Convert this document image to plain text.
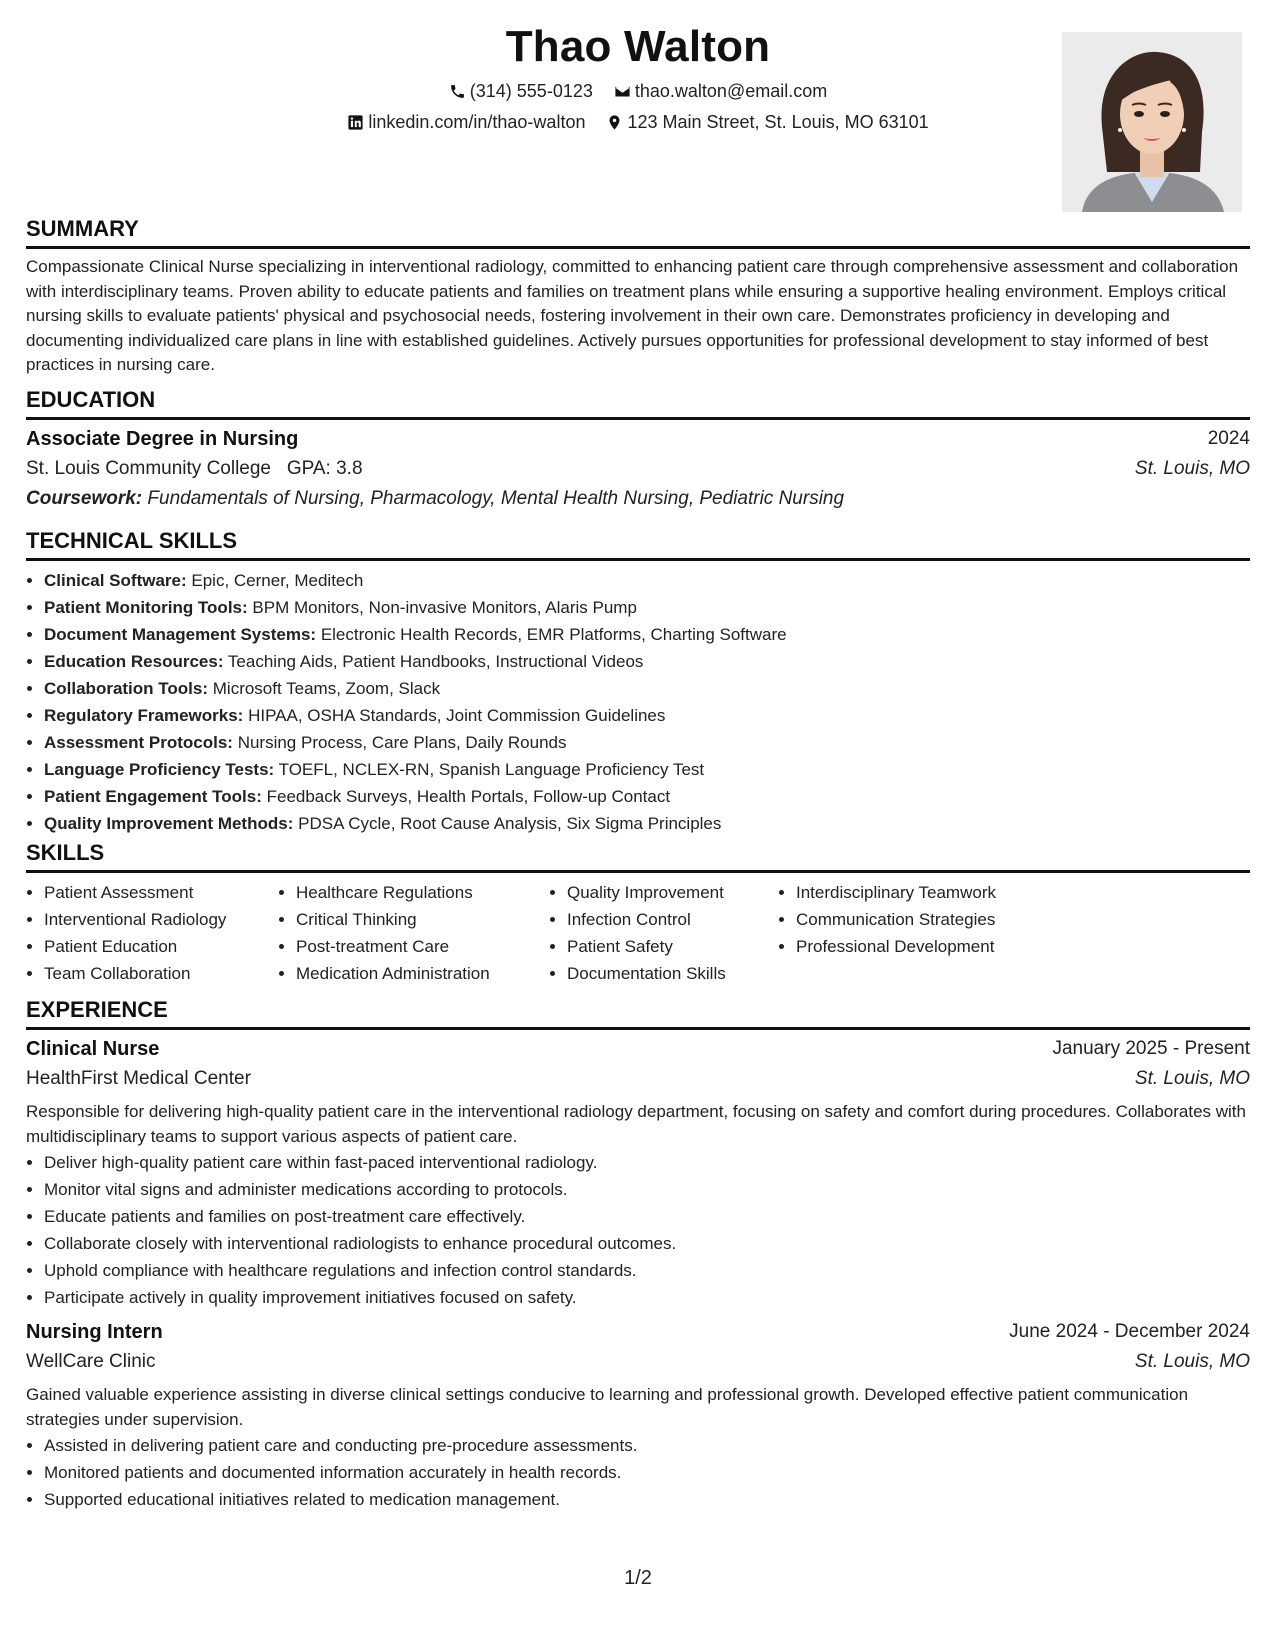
Thao Walton
(314) 555-0123 thao.walton@email.com
linkedin.com/in/thao-walton 123 Main Street, St. Louis, MO 63101
SUMMARY
Compassionate Clinical Nurse specializing in interventional radiology, committed to enhancing patient care through comprehensive assessment and collaboration with interdisciplinary teams. Proven ability to educate patients and families on treatment plans while ensuring a supportive healing environment. Employs critical nursing skills to evaluate patients' physical and psychosocial needs, fostering involvement in their own care. Demonstrates proficiency in developing and documenting individualized care plans in line with established guidelines. Actively pursues opportunities for professional development to stay informed of best practices in nursing care.
EDUCATION
Associate Degree in Nursing	2024
St. Louis Community College GPA: 3.8	St. Louis, MO
Coursework: Fundamentals of Nursing, Pharmacology, Mental Health Nursing, Pediatric Nursing
TECHNICAL SKILLS
• Clinical Software: Epic, Cerner, Meditech
• Patient Monitoring Tools: BPM Monitors, Non-invasive Monitors, Alaris Pump
• Document Management Systems: Electronic Health Records, EMR Platforms, Charting Software
• Education Resources: Teaching Aids, Patient Handbooks, Instructional Videos
• Collaboration Tools: Microsoft Teams, Zoom, Slack
• Regulatory Frameworks: HIPAA, OSHA Standards, Joint Commission Guidelines
• Assessment Protocols: Nursing Process, Care Plans, Daily Rounds
• Language Proficiency Tests: TOEFL, NCLEX-RN, Spanish Language Proficiency Test
• Patient Engagement Tools: Feedback Surveys, Health Portals, Follow-up Contact
• Quality Improvement Methods: PDSA Cycle, Root Cause Analysis, Six Sigma Principles
SKILLS
• Patient Assessment
• Interventional Radiology
• Patient Education
• Team Collaboration
• Healthcare Regulations
• Critical Thinking
• Post-treatment Care
• Medication Administration
• Quality Improvement
• Infection Control
• Patient Safety
• Documentation Skills
• Interdisciplinary Teamwork
• Communication Strategies
• Professional Development
EXPERIENCE
Clinical Nurse	January 2025 - Present
HealthFirst Medical Center	St. Louis, MO
Responsible for delivering high-quality patient care in the interventional radiology department, focusing on safety and comfort during procedures. Collaborates with multidisciplinary teams to support various aspects of patient care.
• Deliver high-quality patient care within fast-paced interventional radiology.
• Monitor vital signs and administer medications according to protocols.
• Educate patients and families on post-treatment care effectively.
• Collaborate closely with interventional radiologists to enhance procedural outcomes.
• Uphold compliance with healthcare regulations and infection control standards.
• Participate actively in quality improvement initiatives focused on safety.
Nursing Intern	June 2024 - December 2024
WellCare Clinic	St. Louis, MO
Gained valuable experience assisting in diverse clinical settings conducive to learning and professional growth. Developed effective patient communication strategies under supervision.
• Assisted in delivering patient care and conducting pre-procedure assessments.
• Monitored patients and documented information accurately in health records.
• Supported educational initiatives related to medication management.
1/2
